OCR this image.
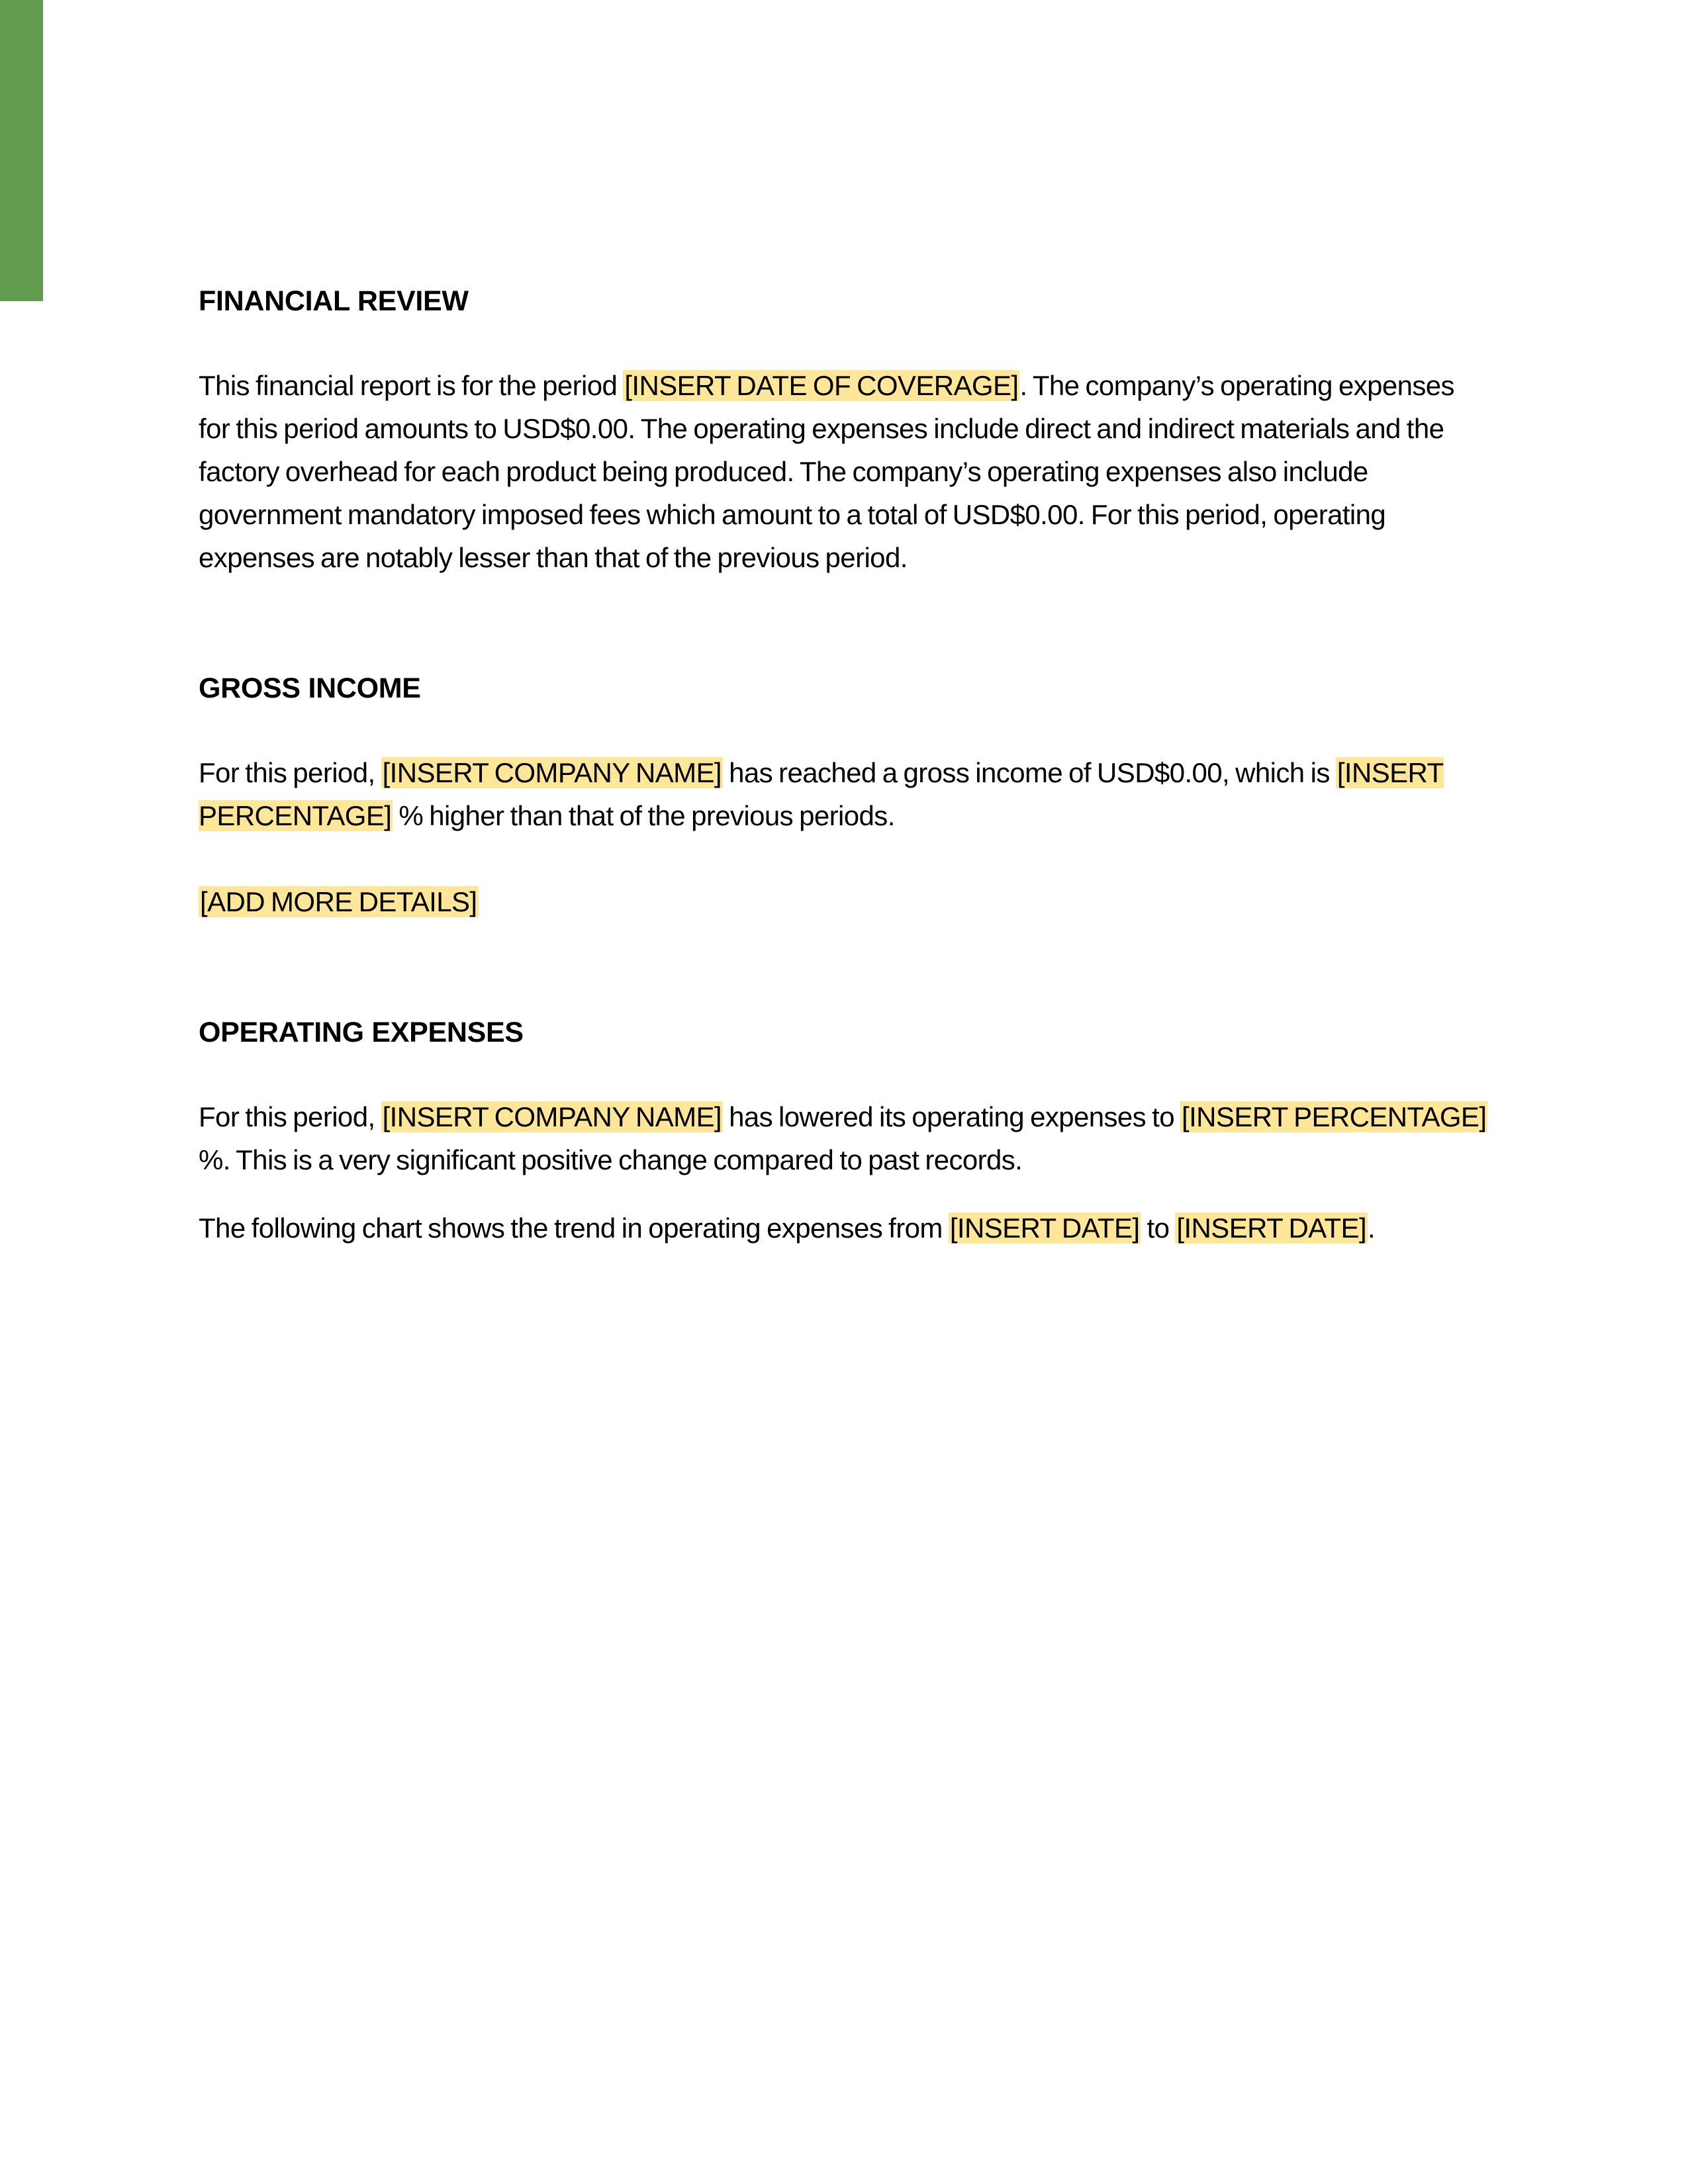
FINANCIAL REVIEW

This financial report is for the period [INSERT DATE OF COVERAGE]. The company’s operating expenses for this period amounts to USD$0.00. The operating expenses include direct and indirect materials and the factory overhead for each product being produced. The company’s operating expenses also include government mandatory imposed fees which amount to a total of USD$0.00. For this period, operating expenses are notably lesser than that of the previous period.

GROSS INCOME

For this period, [INSERT COMPANY NAME] has reached a gross income of USD$0.00, which is [INSERT PERCENTAGE] % higher than that of the previous periods.

[ADD MORE DETAILS]

OPERATING EXPENSES

For this period, [INSERT COMPANY NAME] has lowered its operating expenses to [INSERT PERCENTAGE] %. This is a very significant positive change compared to past records.

The following chart shows the trend in operating expenses from [INSERT DATE] to [INSERT DATE].
